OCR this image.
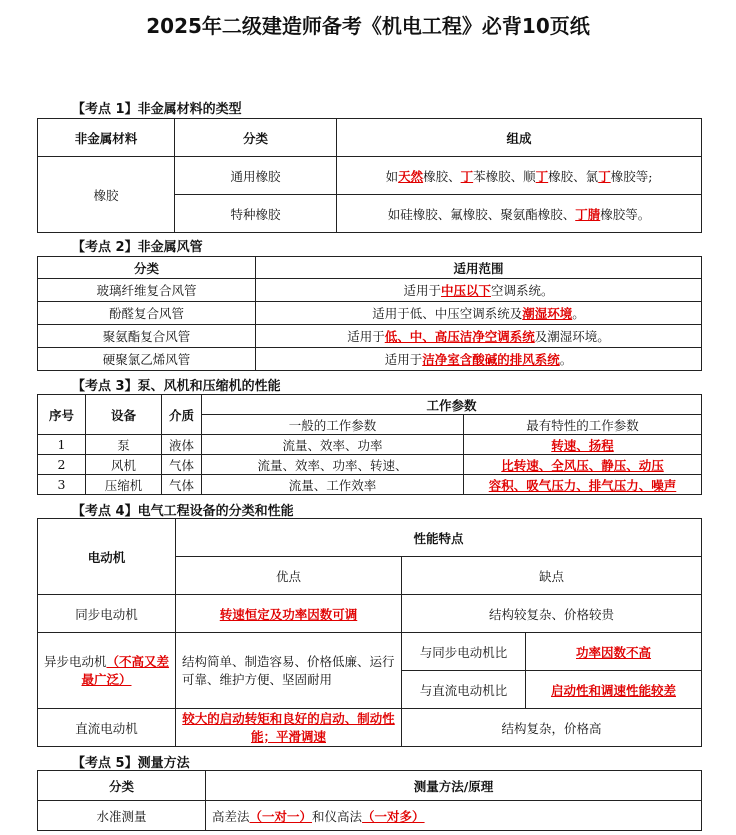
2025年二级建造师备考《机电工程》必背10页纸
【考点 1】非金属材料的类型
非金属材料	分类	组成
橡胶	通用橡胶	如天然橡胶、丁苯橡胶、顺丁橡胶、氯丁橡胶等;
	特种橡胶	如硅橡胶、氟橡胶、聚氨酯橡胶、丁腈橡胶等。
【考点 2】非金属风管
分类	适用范围
玻璃纤维复合风管	适用于中压以下空调系统。
酚醛复合风管	适用于低、中压空调系统及潮湿环境。
聚氨酯复合风管	适用于低、中、高压洁净空调系统及潮湿环境。
硬聚氯乙烯风管	适用于洁净室含酸碱的排风系统。
【考点 3】泵、风机和压缩机的性能
序号	设备	介质	工作参数	
			一般的工作参数	最有特性的工作参数
1	泵	液体	流量、效率、功率	转速、扬程
2	风机	气体	流量、效率、功率、转速、	比转速、全风压、静压、动压
3	压缩机	气体	流量、工作效率	容积、吸气压力、排气压力、噪声
【考点 4】电气工程设备的分类和性能
电动机	性能特点		
	优点	缺点	
同步电动机	转速恒定及功率因数可调	结构较复杂、价格较贵	
异步电动机（不高又差最广泛）	结构简单、制造容易、价格低廉、运行可靠、维护方便、坚固耐用	与同步电动机比	功率因数不高
		与直流电动机比	启动性和调速性能较差
直流电动机	较大的启动转矩和良好的启动、制动性能；平滑调速	结构复杂，价格高	
【考点 5】测量方法
分类	测量方法/原理
水准测量	高差法（一对一）和仪高法（一对多）
